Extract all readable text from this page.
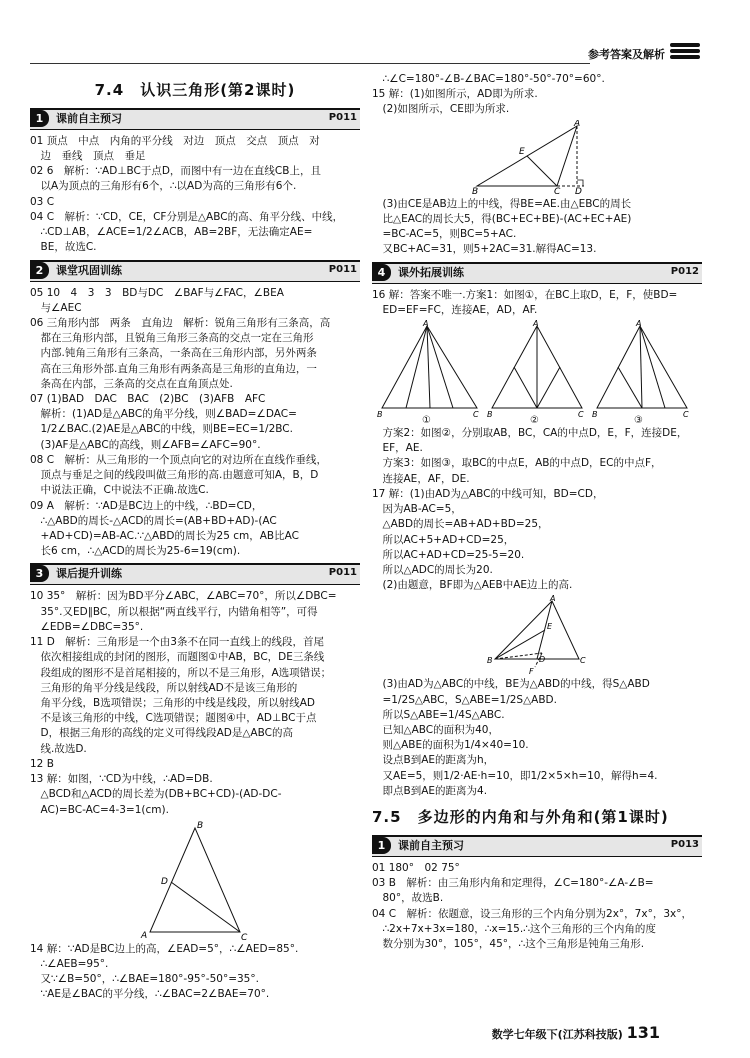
参考答案及解析
7.4　认识三角形(第2课时)
1	课前自主预习	P011

01 顶点　中点　内角的平分线　对边　顶点　交点　顶点　对

　边　垂线　顶点　垂足

02 6　解析：∵AD⊥BC于点D，而图中有一边在直线CB上，且

　以A为顶点的三角形有6个，∴以AD为高的三角形有6个.

03 C

04 C　解析：∵CD，CE，CF分别是△ABC的高、角平分线、中线，

　∴CD⊥AB，∠ACE=1/2∠ACB，AB=2BF，无法确定AE=

　BE，故选C.

2	课堂巩固训练	P011

05 10　4　3　3　BD与DC　∠BAF与∠FAC，∠BEA

　与∠AEC

06 三角形内部　两条　直角边　解析：锐角三角形有三条高，高

　都在三角形内部，且锐角三角形三条高的交点一定在三角形

　内部.钝角三角形有三条高，一条高在三角形内部，另外两条

　高在三角形外部.直角三角形有两条高是三角形的直角边，一

　条高在内部，三条高的交点在直角顶点处.

07 (1)BAD　DAC　BAC　(2)BC　(3)AFB　AFC

　解析：(1)AD是△ABC的角平分线，则∠BAD=∠DAC=

　1/2∠BAC.(2)AE是△ABC的中线，则BE=EC=1/2BC.

　(3)AF是△ABC的高线，则∠AFB=∠AFC=90°.

08 C　解析：从三角形的一个顶点向它的对边所在直线作垂线，

　顶点与垂足之间的线段叫做三角形的高.由题意可知A，B，D

　中说法正确，C中说法不正确.故选C.

09 A　解析：∵AD是BC边上的中线，∴BD=CD，

　∴△ABD的周长-△ACD的周长=(AB+BD+AD)-(AC

　+AD+CD)=AB-AC.∵△ABD的周长为25 cm，AB比AC

　长6 cm，∴△ACD的周长为25-6=19(cm).

3	课后提升训练	P011

10 35°　解析：因为BD平分∠ABC，∠ABC=70°，所以∠DBC=

　35°.又ED∥BC，所以根据“两直线平行，内错角相等”，可得

　∠EDB=∠DBC=35°.

11 D　解析：三角形是一个由3条不在同一直线上的线段，首尾

　依次相接组成的封闭的图形，而题图①中AB，BC，DE三条线

　段组成的图形不是首尾相接的，所以不是三角形，A选项错误；

　三角形的角平分线是线段，所以射线AD不是该三角形的

　角平分线，B选项错误；三角形的中线是线段，所以射线AD

　不是该三角形的中线，C选项错误；题图④中，AD⊥BC于点

　D，根据三角形的高线的定义可得线段AD是△ABC的高

　线.故选D.

12 B

13 解：如图，∵CD为中线，∴AD=DB.

　△BCD和△ACD的周长差为(DB+BC+CD)-(AD-DC-

　AC)=BC-AC=4-3=1(cm).

B
D
A	C

14 解：∵AD是BC边上的高，∠EAD=5°，∴∠AED=85°.

　∴∠AEB=95°.

　又∵∠B=50°，∴∠BAE=180°-95°-50°=35°.

　∵AE是∠BAC的平分线，∴∠BAC=2∠BAE=70°.

　∴∠C=180°-∠B-∠BAC=180°-50°-70°=60°.

15 解：(1)如图所示，AD即为所求.

　(2)如图所示，CE即为所求.

A
E
B	C D

　(3)由CE是AB边上的中线，得BE=AE.由△EBC的周长

　比△EAC的周长大5，得(BC+EC+BE)-(AC+EC+AE)

　=BC-AC=5，则BC=5+AC.

　又BC+AC=31，则5+2AC=31.解得AC=13.

4	课外拓展训练	P012

16 解：答案不唯一.方案1：如图①，在BC上取D，E，F，使BD=

　ED=EF=FC，连接AE，AD，AF.

A	A	A
B	C B	C B	C
①	②	③

　方案2：如图②，分别取AB，BC，CA的中点D，E，F，连接DE，

　EF，AE.

　方案3：如图③，取BC的中点E，AB的中点D，EC的中点F，

　连接AE，AF，DE.

17 解：(1)由AD为△ABC的中线可知，BD=CD，

　因为AB-AC=5，

　△ABD的周长=AB+AD+BD=25，

　所以AC+5+AD+CD=25，

　所以AC+AD+CD=25-5=20.

　所以△ADC的周长为20.

　(2)由题意，BF即为△AEB中AE边上的高.

A
E
B	C
D
F

　(3)由AD为△ABC的中线，BE为△ABD的中线，得S△ABD

　=1/2S△ABC，S△ABE=1/2S△ABD.

　所以S△ABE=1/4S△ABC.

　已知△ABC的面积为40，

　则△ABE的面积为1/4×40=10.

　设点B到AE的距离为h，

　又AE=5，则1/2·AE·h=10，即1/2×5×h=10，解得h=4.

　即点B到AE的距离为4.

7.5　多边形的内角和与外角和(第1课时)
1	课前自主预习	P013

01 180°　02 75°

03 B　解析：由三角形内角和定理得，∠C=180°-∠A-∠B=

　80°，故选B.

04 C　解析：依题意，设三角形的三个内角分别为2x°，7x°，3x°，

　∴2x+7x+3x=180，∴x=15.∴这个三角形的三个内角的度

　数分别为30°，105°，45°，∴这个三角形是钝角三角形.

数学七年级下(江苏科技版) 131
